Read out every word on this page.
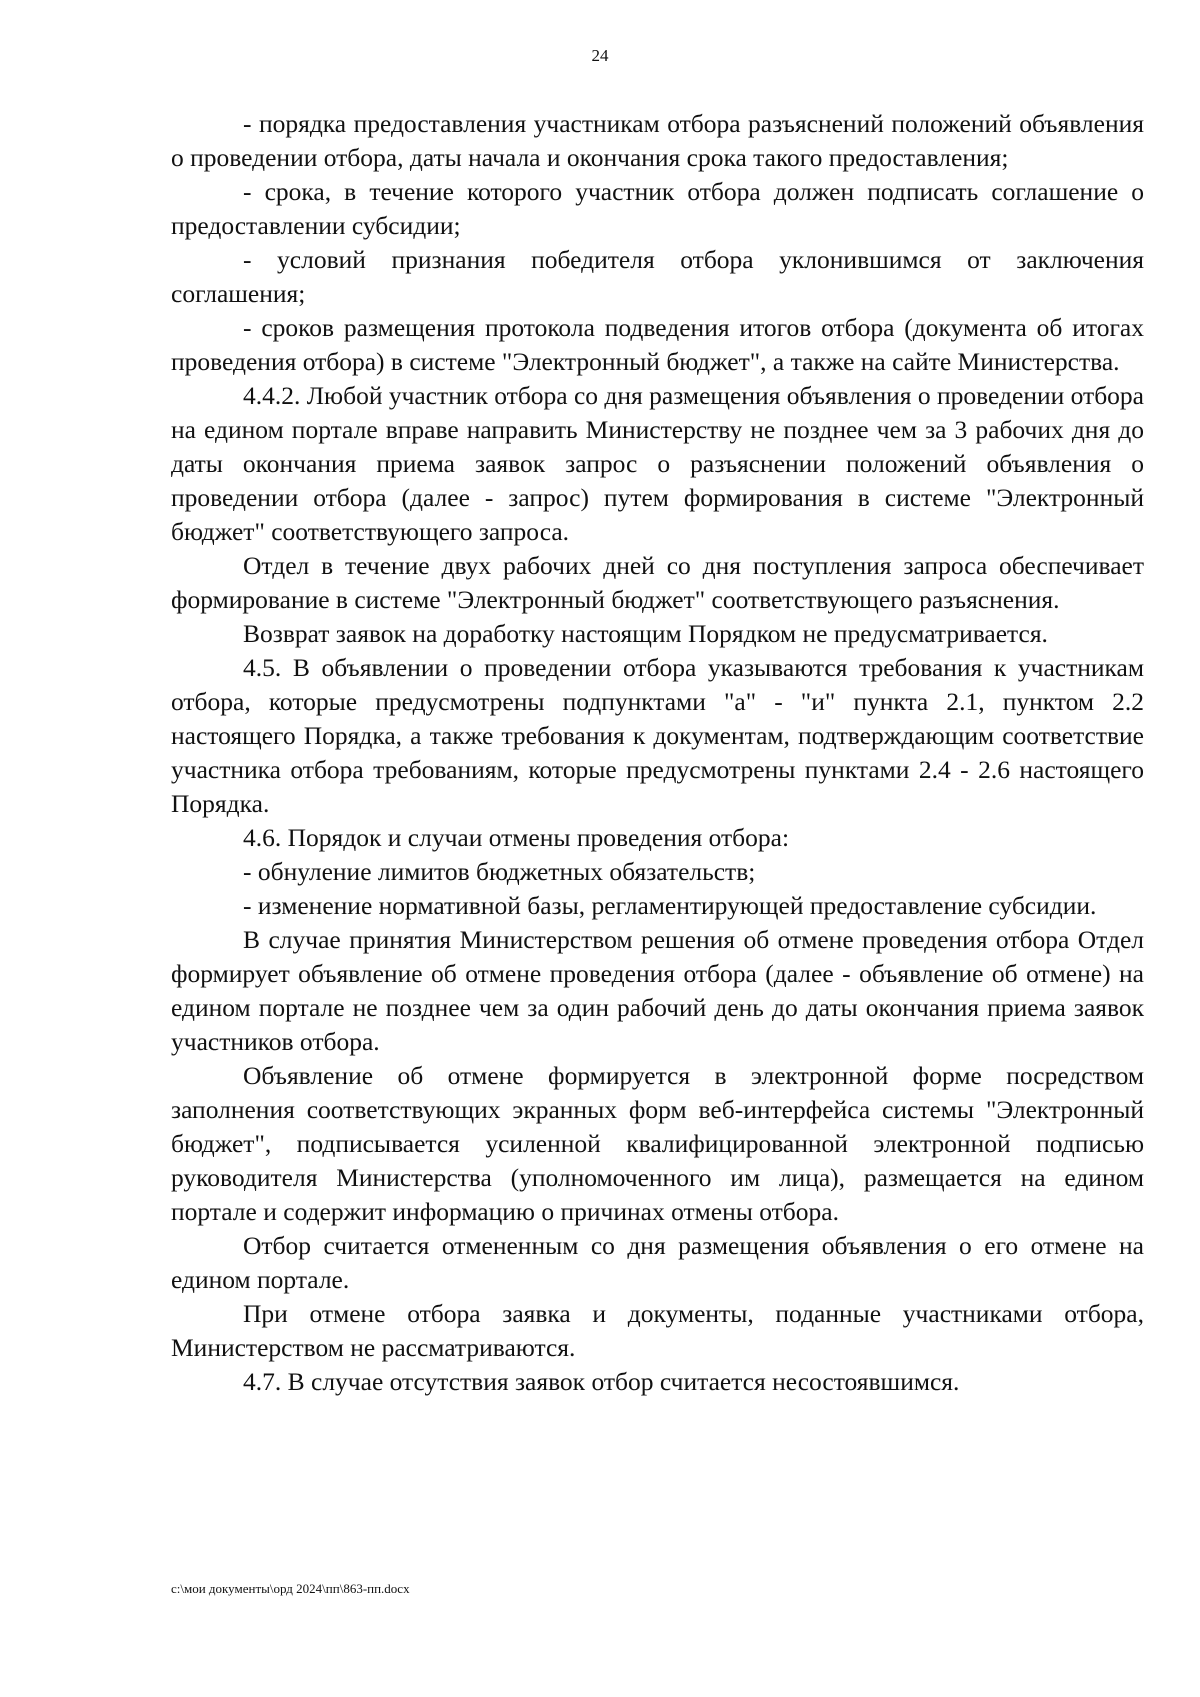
24

- порядка предоставления участникам отбора разъяснений положений объявления о проведении отбора, даты начала и окончания срока такого предоставления;

- срока, в течение которого участник отбора должен подписать соглашение о предоставлении субсидии;

- условий признания победителя отбора уклонившимся от заключения соглашения;

- сроков размещения протокола подведения итогов отбора (документа об итогах проведения отбора) в системе "Электронный бюджет", а также на сайте Министерства.

4.4.2. Любой участник отбора со дня размещения объявления о проведении отбора на едином портале вправе направить Министерству не позднее чем за 3 рабочих дня до даты окончания приема заявок запрос о разъяснении положений объявления о проведении отбора (далее - запрос) путем формирования в системе "Электронный бюджет" соответствующего запроса.

Отдел в течение двух рабочих дней со дня поступления запроса обеспечивает формирование в системе "Электронный бюджет" соответствующего разъяснения.

Возврат заявок на доработку настоящим Порядком не предусматривается.

4.5. В объявлении о проведении отбора указываются требования к участникам отбора, которые предусмотрены подпунктами "а" - "и" пункта 2.1, пунктом 2.2 настоящего Порядка, а также требования к документам, подтверждающим соответствие участника отбора требованиям, которые предусмотрены пунктами 2.4 - 2.6 настоящего Порядка.

4.6. Порядок и случаи отмены проведения отбора:

- обнуление лимитов бюджетных обязательств;

- изменение нормативной базы, регламентирующей предоставление субсидии.

В случае принятия Министерством решения об отмене проведения отбора Отдел формирует объявление об отмене проведения отбора (далее - объявление об отмене) на едином портале не позднее чем за один рабочий день до даты окончания приема заявок участников отбора.

Объявление об отмене формируется в электронной форме посредством заполнения соответствующих экранных форм веб-интерфейса системы "Электронный бюджет", подписывается усиленной квалифицированной электронной подписью руководителя Министерства (уполномоченного им лица), размещается на едином портале и содержит информацию о причинах отмены отбора.

Отбор считается отмененным со дня размещения объявления о его отмене на едином портале.

При отмене отбора заявка и документы, поданные участниками отбора, Министерством не рассматриваются.

4.7. В случае отсутствия заявок отбор считается несостоявшимся.

c:\мои документы\орд 2024\пп\863-пп.docx
